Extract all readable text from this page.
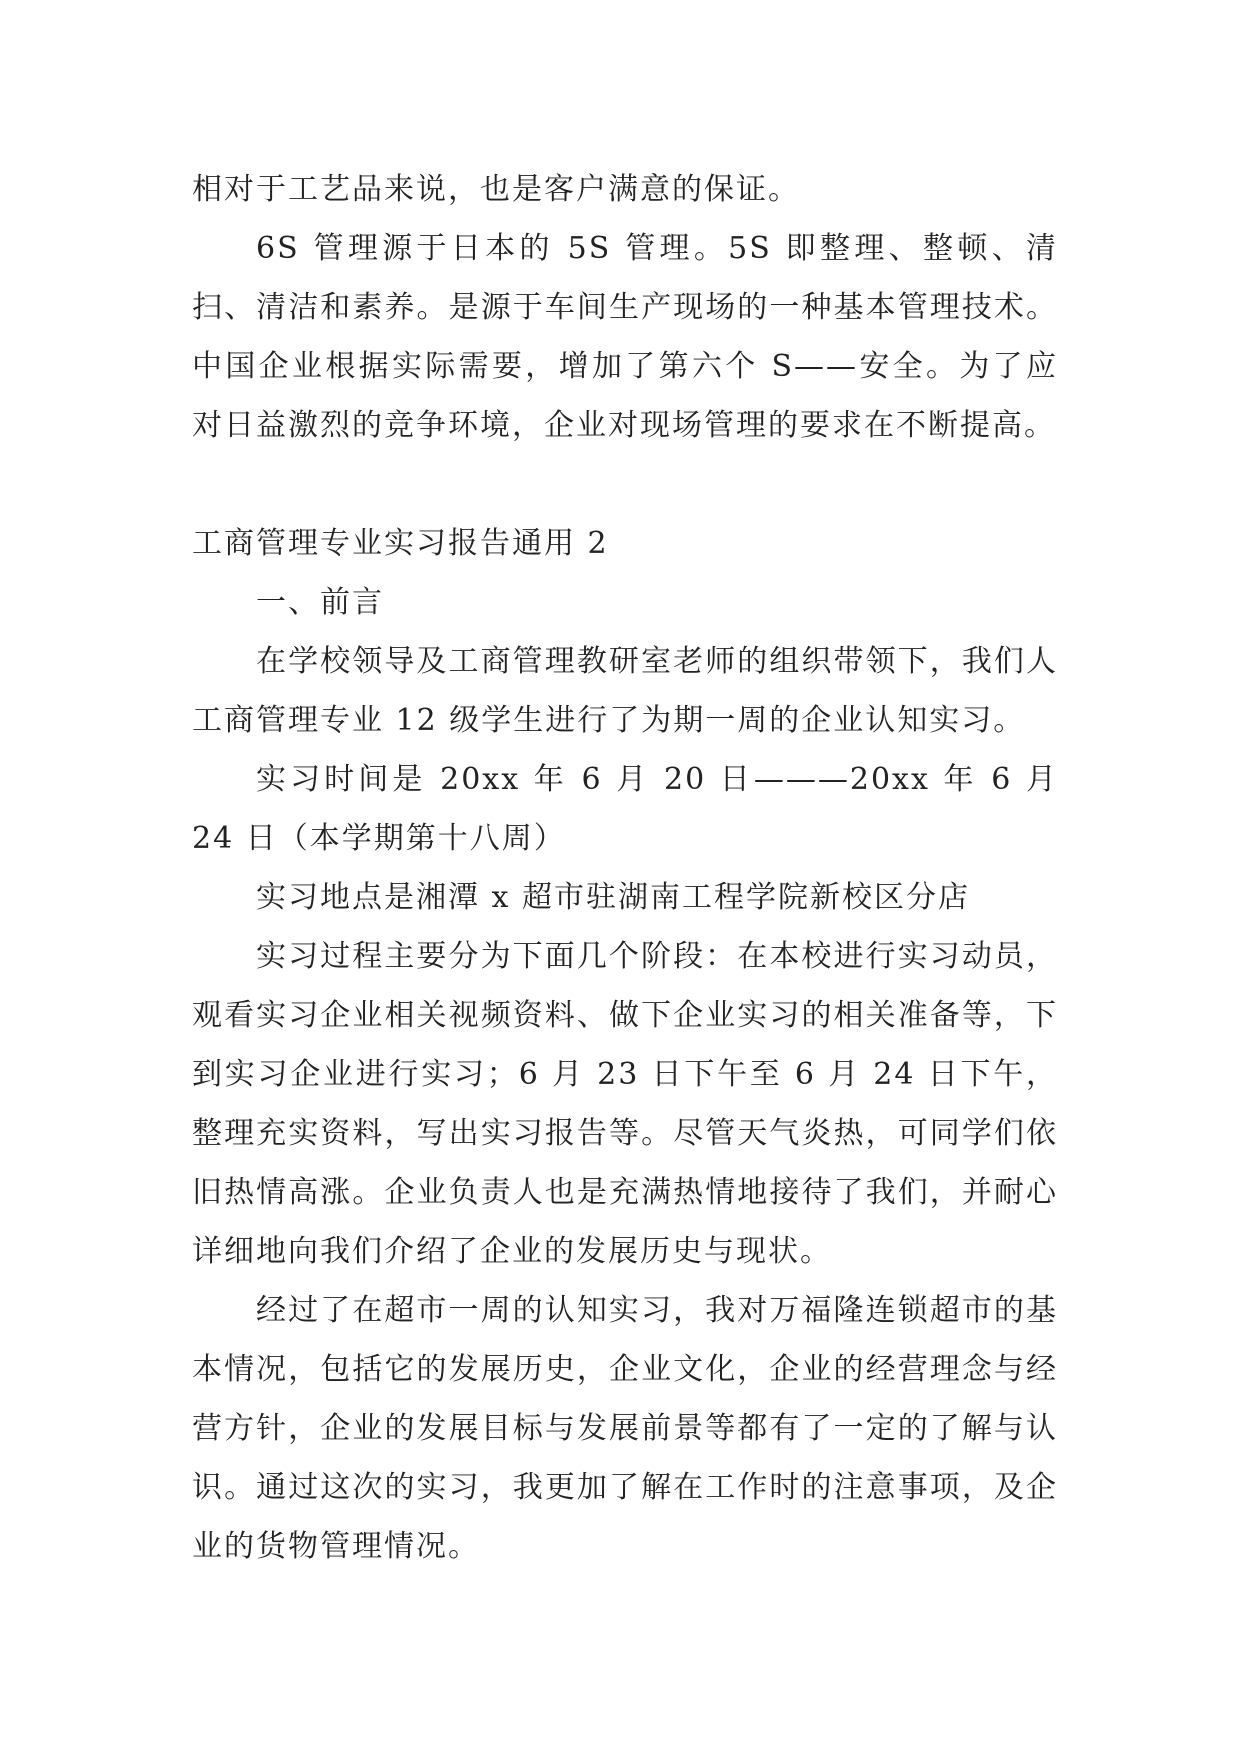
相对于工艺品来说，也是客户满意的保证。

6S 管理源于日本的 5S 管理。5S 即整理、整顿、清扫、清洁和素养。是源于车间生产现场的一种基本管理技术。中国企业根据实际需要，增加了第六个 S——安全。为了应对日益激烈的竞争环境，企业对现场管理的要求在不断提高。

工商管理专业实习报告通用 2

一、前言

在学校领导及工商管理教研室老师的组织带领下，我们人工商管理专业 12 级学生进行了为期一周的企业认知实习。

实习时间是 20xx 年 6 月 20 日———20xx 年 6 月 24 日（本学期第十八周）

实习地点是湘潭 x 超市驻湖南工程学院新校区分店

实习过程主要分为下面几个阶段：在本校进行实习动员，观看实习企业相关视频资料、做下企业实习的相关准备等，下到实习企业进行实习；6 月 23 日下午至 6 月 24 日下午，整理充实资料，写出实习报告等。尽管天气炎热，可同学们依旧热情高涨。企业负责人也是充满热情地接待了我们，并耐心详细地向我们介绍了企业的发展历史与现状。

经过了在超市一周的认知实习，我对万福隆连锁超市的基本情况，包括它的发展历史，企业文化，企业的经营理念与经营方针，企业的发展目标与发展前景等都有了一定的了解与认识。通过这次的实习，我更加了解在工作时的注意事项，及企业的货物管理情况。
